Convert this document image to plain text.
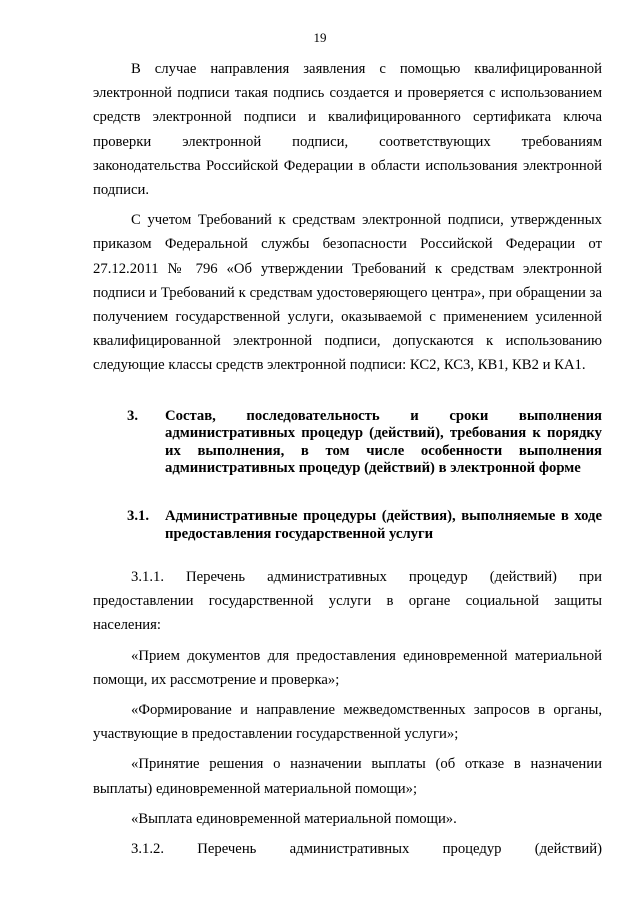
19

В случае направления заявления с помощью квалифицированной электронной подписи такая подпись создается и проверяется с использованием средств электронной подписи и квалифицированного сертификата ключа проверки электронной подписи, соответствующих требованиям законодательства Российской Федерации в области использования электронной подписи.

С учетом Требований к средствам электронной подписи, утвержденных приказом Федеральной службы безопасности Российской Федерации от 27.12.2011 № 796 «Об утверждении Требований к средствам электронной подписи и Требований к средствам удостоверяющего центра», при обращении за получением государственной услуги, оказываемой с применением усиленной квалифицированной электронной подписи, допускаются к использованию следующие классы средств электронной подписи: КС2, КС3, КВ1, КВ2 и КА1.

3. Состав, последовательность и сроки выполнения административных процедур (действий), требования к порядку их выполнения, в том числе особенности выполнения административных процедур (действий) в электронной форме
3.1. Административные процедуры (действия), выполняемые в ходе предоставления государственной услуги

3.1.1. Перечень административных процедур (действий) при предоставлении государственной услуги в органе социальной защиты населения:

«Прием документов для предоставления единовременной материальной помощи, их рассмотрение и проверка»;

«Формирование и направление межведомственных запросов в органы, участвующие в предоставлении государственной услуги»;

«Принятие решения о назначении выплаты (об отказе в назначении выплаты) единовременной материальной помощи»;

«Выплата единовременной материальной помощи».

3.1.2. Перечень административных процедур (действий)
